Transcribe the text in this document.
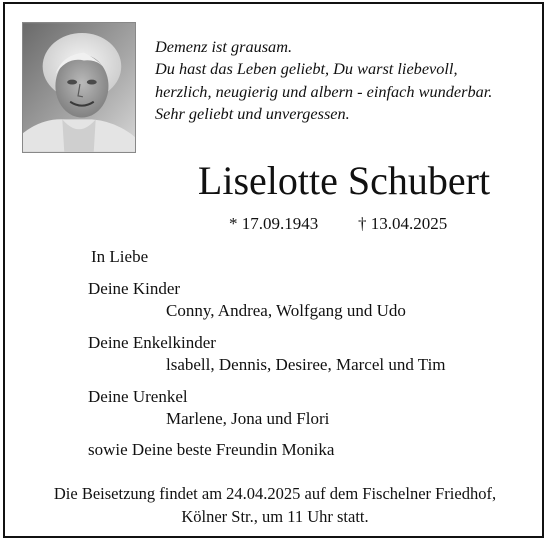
Demenz ist grausam.
Du hast das Leben geliebt, Du warst liebevoll,
herzlich, neugierig und albern - einfach wunderbar.
Sehr geliebt und unvergessen.
Liselotte Schubert
* 17.09.1943 † 13.04.2025
In Liebe
Deine Kinder
Conny, Andrea, Wolfgang und Udo
Deine Enkelkinder
lsabell, Dennis, Desiree, Marcel und Tim
Deine Urenkel
Marlene, Jona und Flori
sowie Deine beste Freundin Monika
Die Beisetzung findet am 24.04.2025 auf dem Fischelner Friedhof,
Kölner Str., um 11 Uhr statt.
